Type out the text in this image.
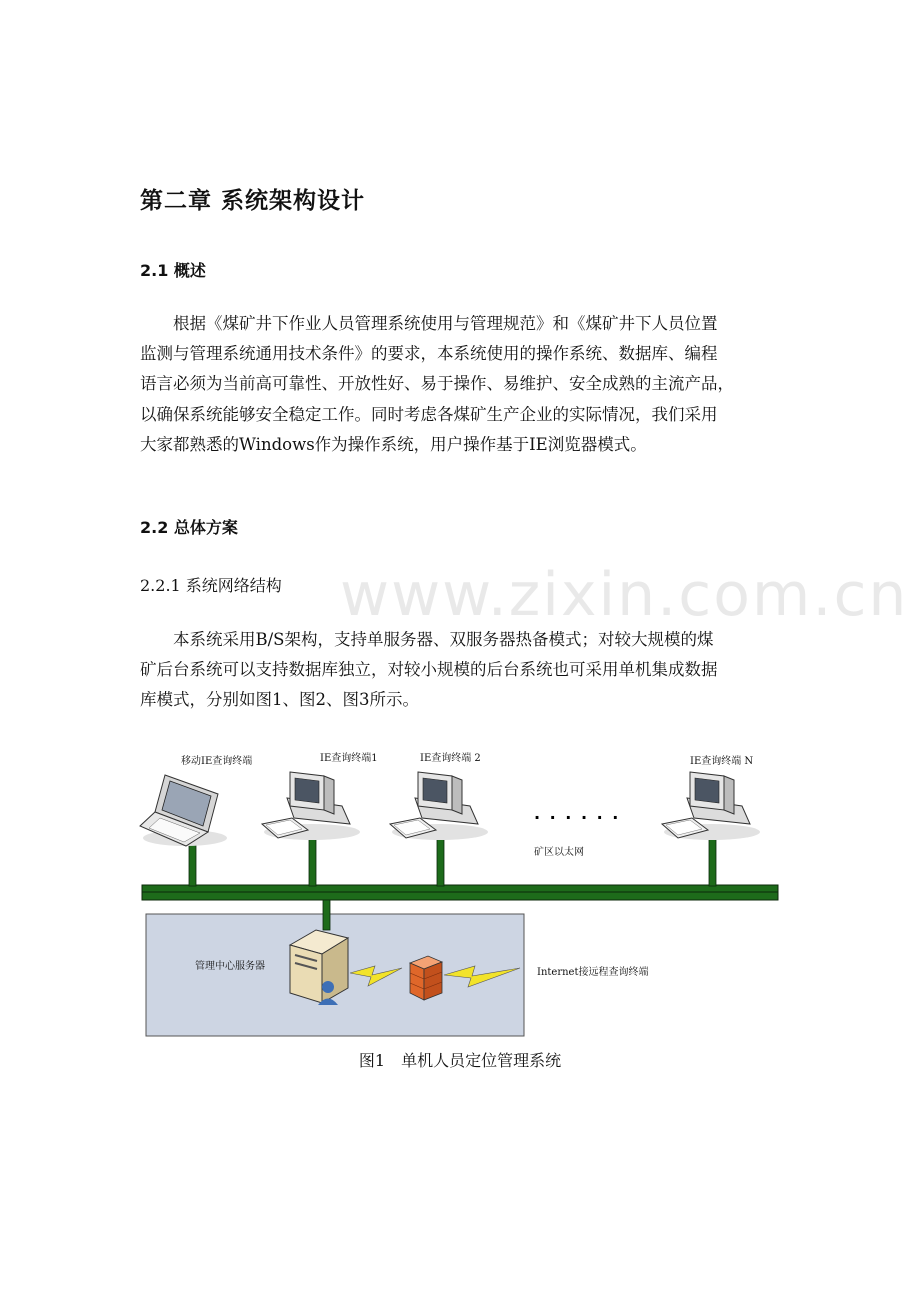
www.zixin.com.cn
第二章 系统架构设计
2.1 概述
　　根据《煤矿井下作业人员管理系统使用与管理规范》和《煤矿井下人员位置
监测与管理系统通用技术条件》的要求，本系统使用的操作系统、数据库、编程
语言必须为当前高可靠性、开放性好、易于操作、易维护、安全成熟的主流产品，
以确保系统能够安全稳定工作。同时考虑各煤矿生产企业的实际情况，我们采用
大家都熟悉的Windows作为操作系统，用户操作基于IE浏览器模式。
2.2 总体方案
2.2.1 系统网络结构
　　本系统采用B/S架构，支持单服务器、双服务器热备模式；对较大规模的煤
矿后台系统可以支持数据库独立，对较小规模的后台系统也可采用单机集成数据
库模式，分别如图1、图2、图3所示。
移动IE查询终端	IE查询终端1	IE查询终端 2	IE查询终端 N
. . . . . .
矿区以太网
管理中心服务器
Internet接远程查询终端
图1　单机人员定位管理系统
